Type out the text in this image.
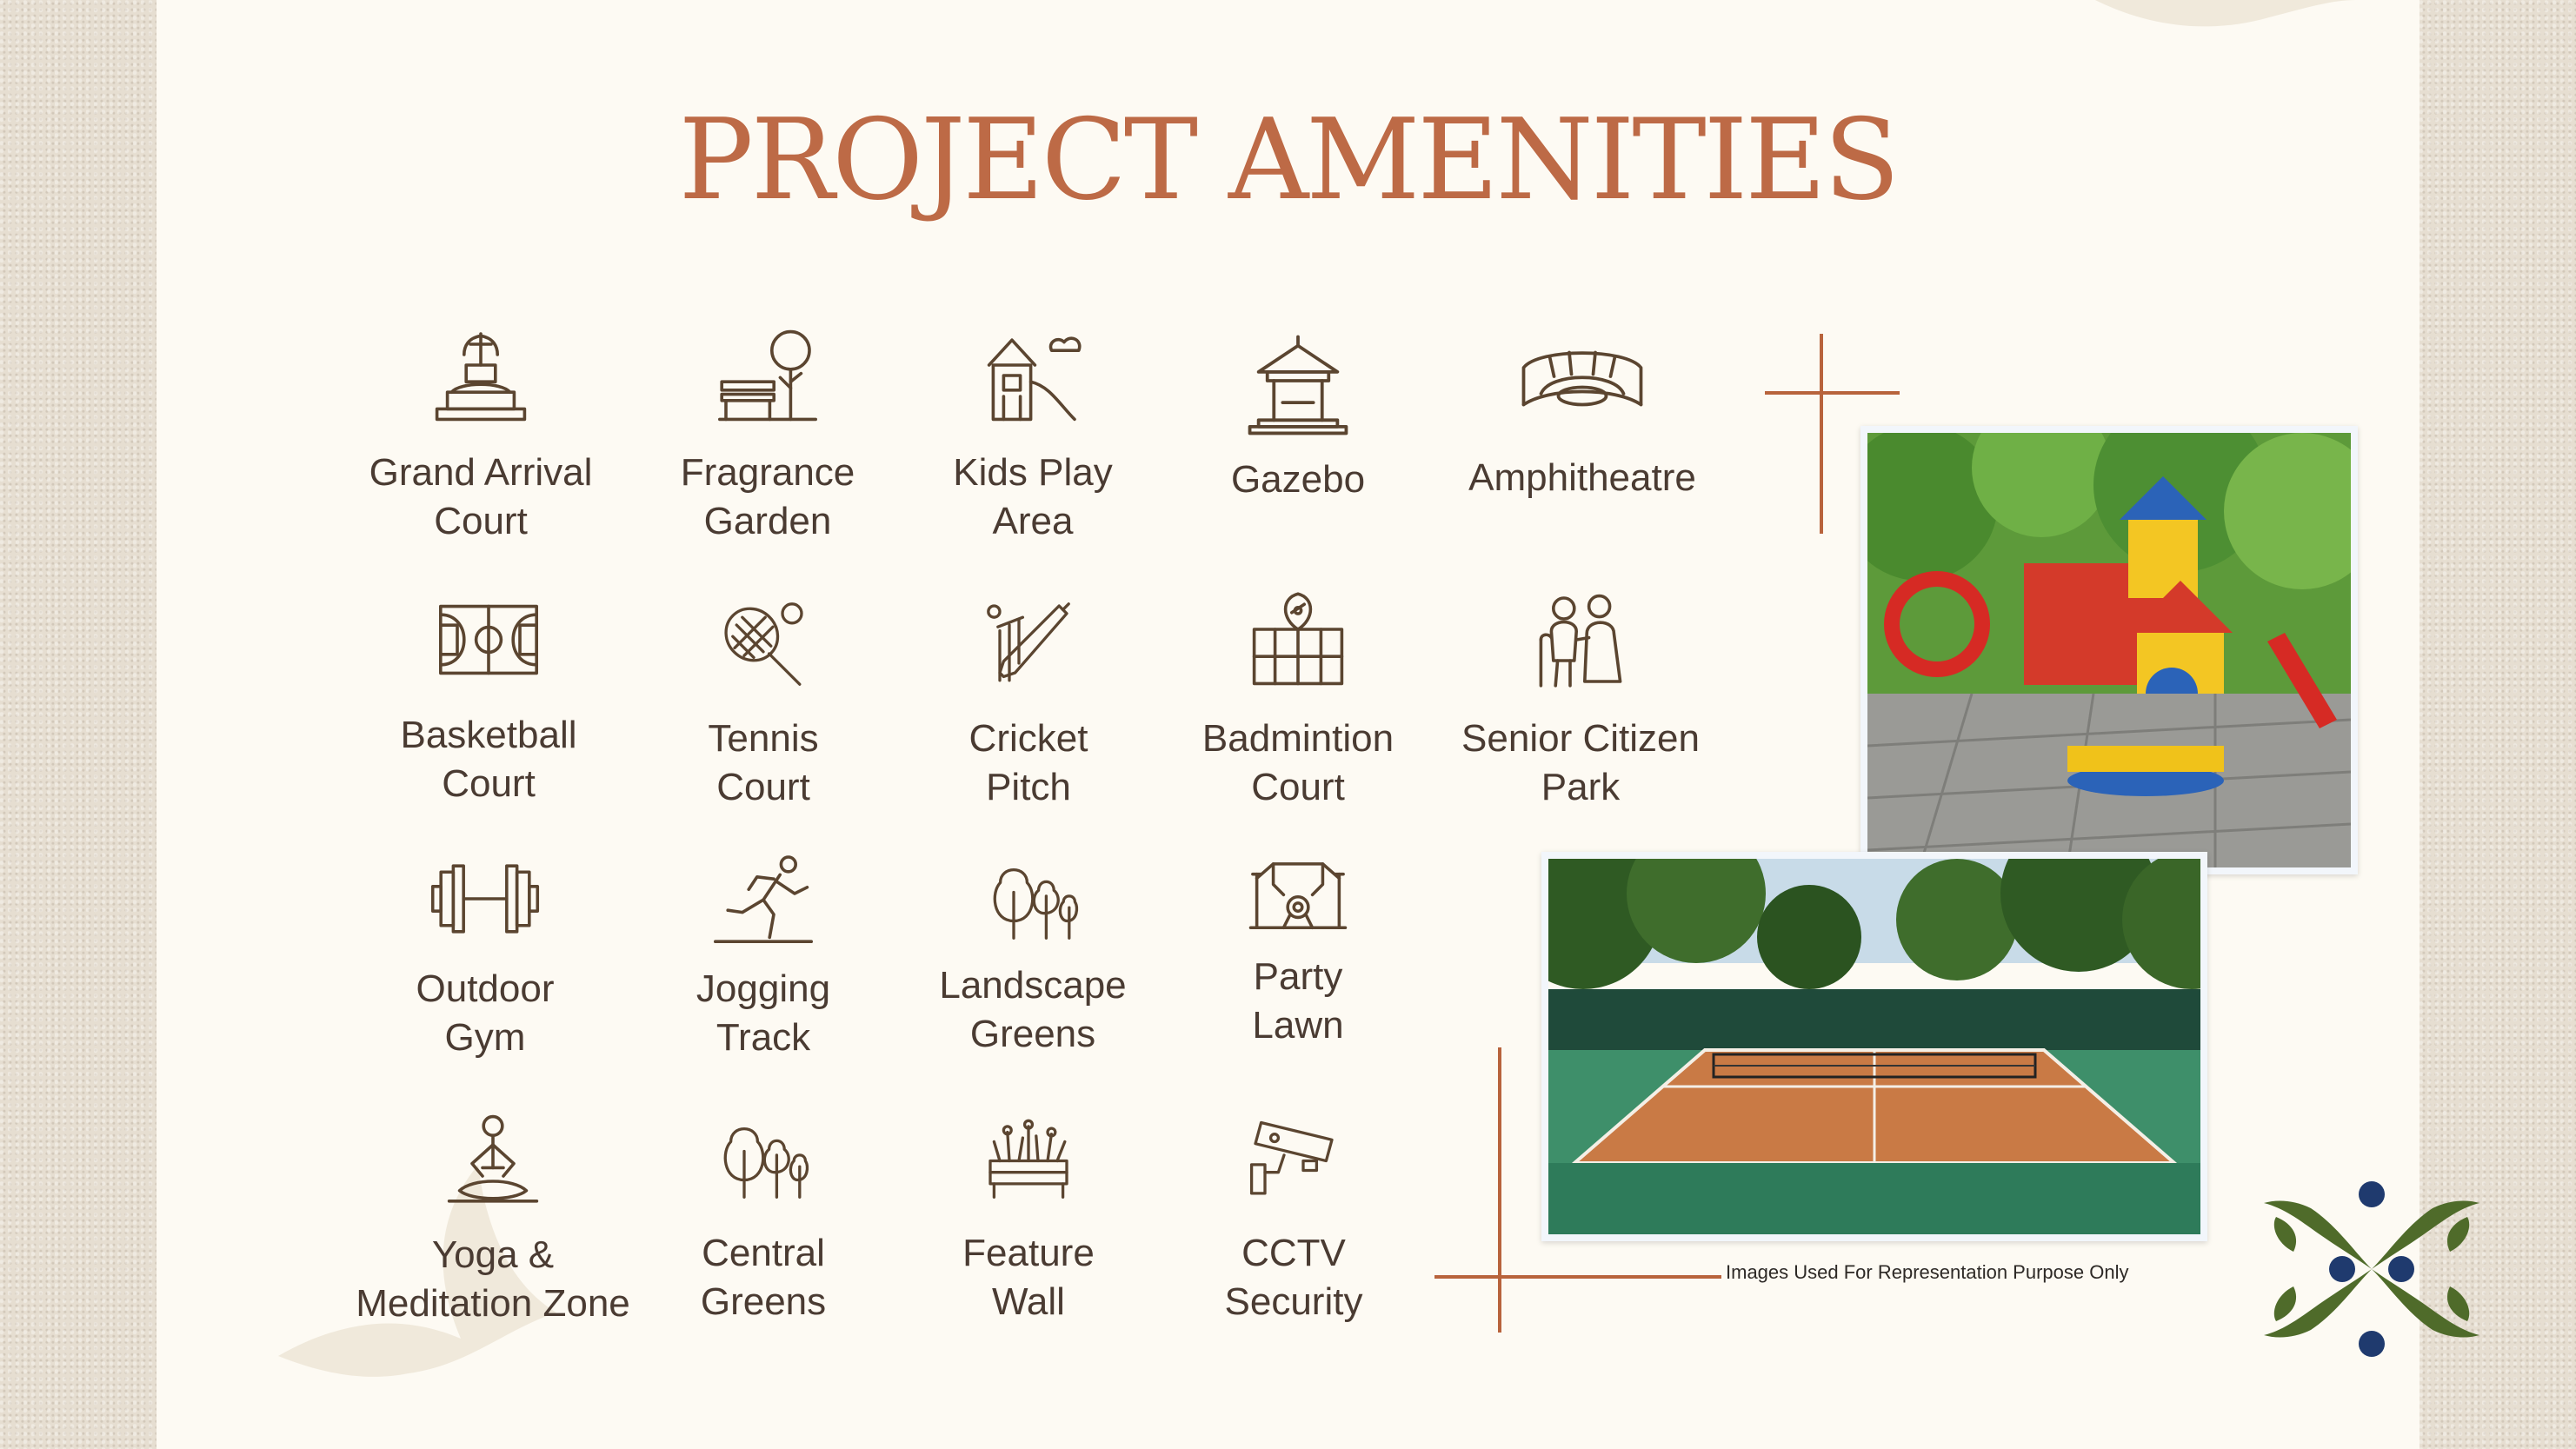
PROJECT AMENITIES
Grand Arrival
Court
Fragrance
Garden
Kids Play
Area
Gazebo	Amphitheatre
Basketball
Court
Tennis
Court
Cricket
Pitch
Badmintion
Court
Senior Citizen
Park
Outdoor
Gym
Jogging
Track
Landscape
Greens
Party
Lawn
Yoga &
Meditation Zone
Central
Greens
Feature
Wall
CCTV
Security
Images Used For Representation Purpose Only
